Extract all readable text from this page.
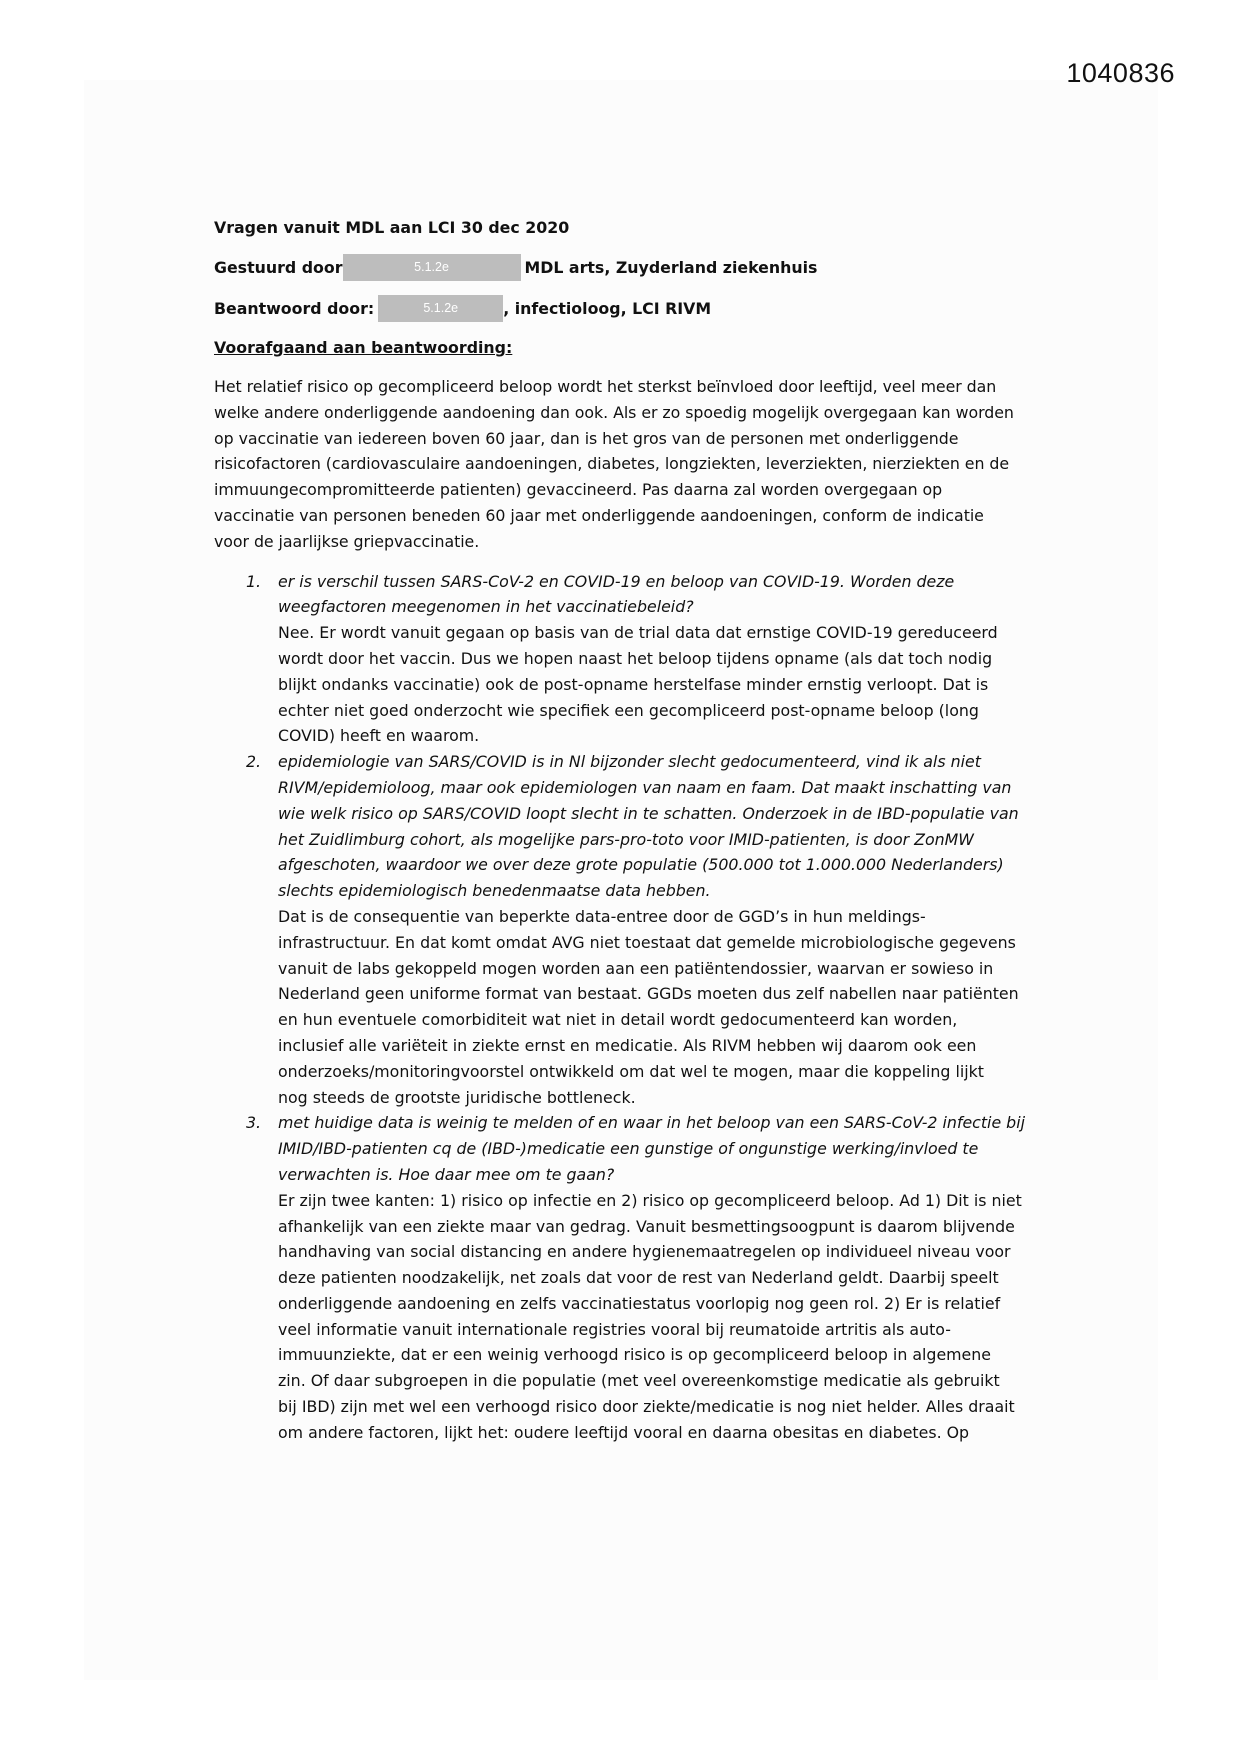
1040836
Vragen vanuit MDL aan LCI 30 dec 2020
Gestuurd door	5.1.2e	MDL arts, Zuyderland ziekenhuis
Beantwoord door:	5.1.2e	, infectioloog, LCI RIVM
Voorafgaand aan beantwoording:
Het relatief risico op gecompliceerd beloop wordt het sterkst beïnvloed door leeftijd, veel meer dan
welke andere onderliggende aandoening dan ook. Als er zo spoedig mogelijk overgegaan kan worden
op vaccinatie van iedereen boven 60 jaar, dan is het gros van de personen met onderliggende
risicofactoren (cardiovasculaire aandoeningen, diabetes, longziekten, leverziekten, nierziekten en de
immuungecompromitteerde patienten) gevaccineerd. Pas daarna zal worden overgegaan op
vaccinatie van personen beneden 60 jaar met onderliggende aandoeningen, conform de indicatie
voor de jaarlijkse griepvaccinatie.
1. er is verschil tussen SARS-CoV-2 en COVID-19 en beloop van COVID-19. Worden deze
weegfactoren meegenomen in het vaccinatiebeleid?
Nee. Er wordt vanuit gegaan op basis van de trial data dat ernstige COVID-19 gereduceerd
wordt door het vaccin. Dus we hopen naast het beloop tijdens opname (als dat toch nodig
blijkt ondanks vaccinatie) ook de post-opname herstelfase minder ernstig verloopt. Dat is
echter niet goed onderzocht wie specifiek een gecompliceerd post-opname beloop (long
COVID) heeft en waarom.
2. epidemiologie van SARS/COVID is in Nl bijzonder slecht gedocumenteerd, vind ik als niet
RIVM/epidemioloog, maar ook epidemiologen van naam en faam. Dat maakt inschatting van
wie welk risico op SARS/COVID loopt slecht in te schatten. Onderzoek in de IBD-populatie van
het Zuidlimburg cohort, als mogelijke pars-pro-toto voor IMID-patienten, is door ZonMW
afgeschoten, waardoor we over deze grote populatie (500.000 tot 1.000.000 Nederlanders)
slechts epidemiologisch benedenmaatse data hebben.
Dat is de consequentie van beperkte data-entree door de GGD’s in hun meldings-
infrastructuur. En dat komt omdat AVG niet toestaat dat gemelde microbiologische gegevens
vanuit de labs gekoppeld mogen worden aan een patiëntendossier, waarvan er sowieso in
Nederland geen uniforme format van bestaat. GGDs moeten dus zelf nabellen naar patiënten
en hun eventuele comorbiditeit wat niet in detail wordt gedocumenteerd kan worden,
inclusief alle variëteit in ziekte ernst en medicatie. Als RIVM hebben wij daarom ook een
onderzoeks/monitoringvoorstel ontwikkeld om dat wel te mogen, maar die koppeling lijkt
nog steeds de grootste juridische bottleneck.
3. met huidige data is weinig te melden of en waar in het beloop van een SARS-CoV-2 infectie bij
IMID/IBD-patienten cq de (IBD-)medicatie een gunstige of ongunstige werking/invloed te
verwachten is. Hoe daar mee om te gaan?
Er zijn twee kanten: 1) risico op infectie en 2) risico op gecompliceerd beloop. Ad 1) Dit is niet
afhankelijk van een ziekte maar van gedrag. Vanuit besmettingsoogpunt is daarom blijvende
handhaving van social distancing en andere hygienemaatregelen op individueel niveau voor
deze patienten noodzakelijk, net zoals dat voor de rest van Nederland geldt. Daarbij speelt
onderliggende aandoening en zelfs vaccinatiestatus voorlopig nog geen rol. 2) Er is relatief
veel informatie vanuit internationale registries vooral bij reumatoide artritis als auto-
immuunziekte, dat er een weinig verhoogd risico is op gecompliceerd beloop in algemene
zin. Of daar subgroepen in die populatie (met veel overeenkomstige medicatie als gebruikt
bij IBD) zijn met wel een verhoogd risico door ziekte/medicatie is nog niet helder. Alles draait
om andere factoren, lijkt het: oudere leeftijd vooral en daarna obesitas en diabetes. Op
